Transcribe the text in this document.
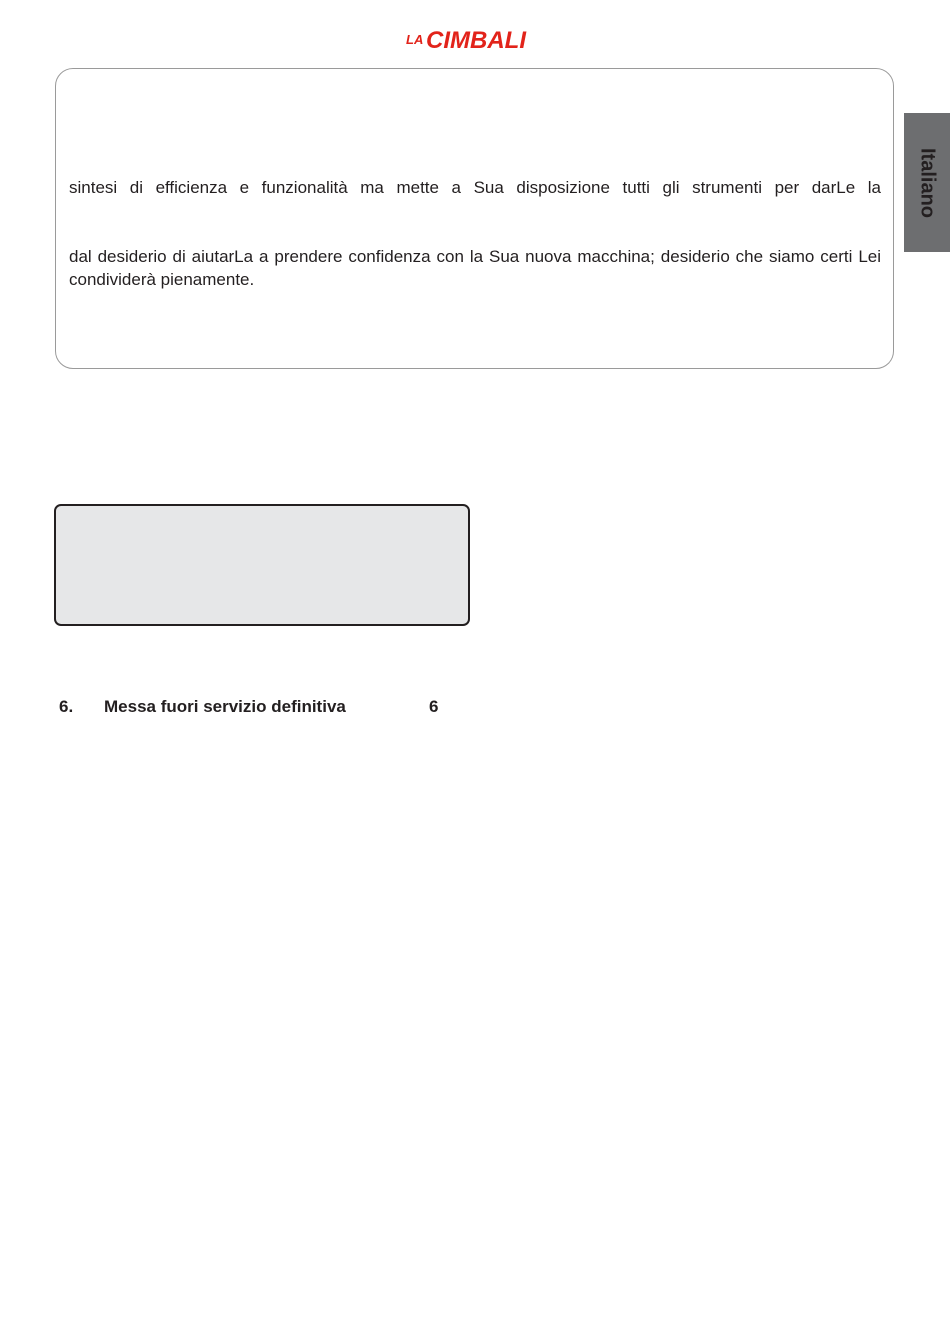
LA CIMBALI

sintesi di efficienza e funzionalità ma mette a Sua disposizione tutti gli strumenti per darLe la

dal desiderio di aiutarLa a prendere confidenza con la Sua nuova macchina; desiderio che siamo certi Lei condividerà pienamente.

Italiano
6. Messa fuori servizio definitiva	6
